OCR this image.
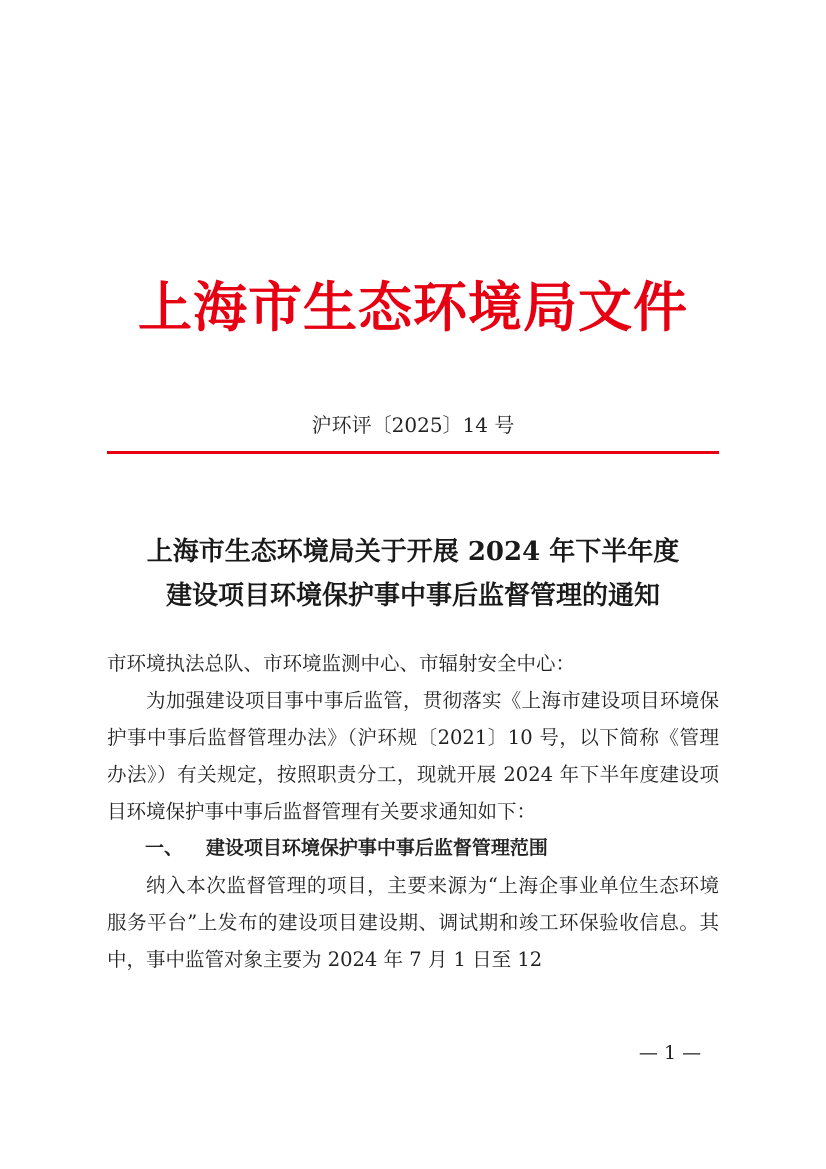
上海市生态环境局文件
沪环评〔2025〕14 号
上海市生态环境局关于开展 2024 年下半年度
建设项目环境保护事中事后监督管理的通知

市环境执法总队、市环境监测中心、市辐射安全中心：

为加强建设项目事中事后监管，贯彻落实《上海市建设项目环境保护事中事后监督管理办法》（沪环规〔2021〕10 号，以下简称《管理办法》）有关规定，按照职责分工，现就开展 2024 年下半年度建设项目环境保护事中事后监督管理有关要求通知如下：

一、 建设项目环境保护事中事后监督管理范围

纳入本次监督管理的项目，主要来源为“上海企事业单位生态环境服务平台”上发布的建设项目建设期、调试期和竣工环保验收信息。其中，事中监管对象主要为 2024 年 7 月 1 日至 12

— 1 —
